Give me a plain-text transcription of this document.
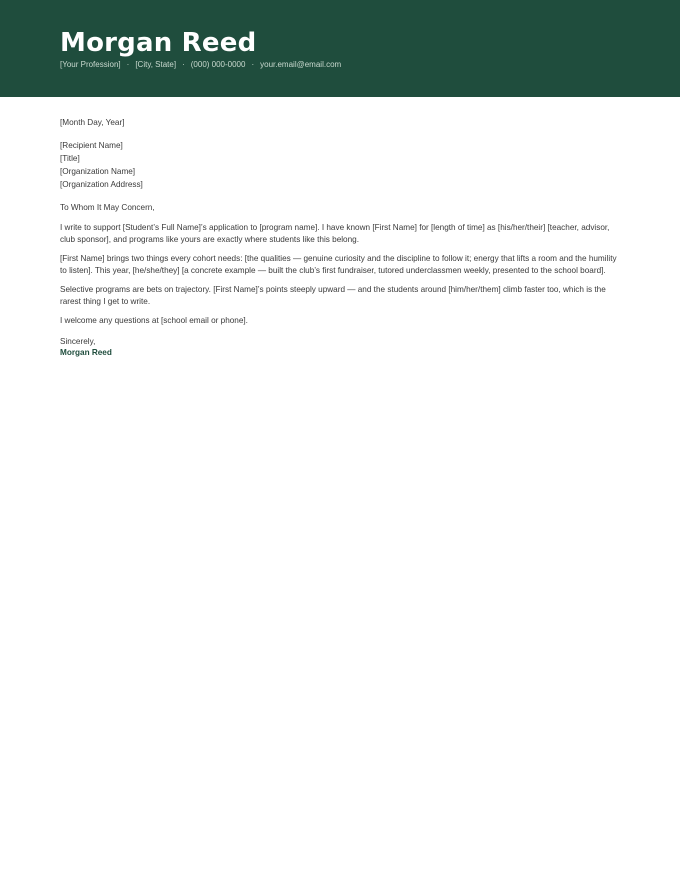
Morgan Reed
[Your Profession] · [City, State] · (000) 000-0000 · your.email@email.com

[Month Day, Year]

[Recipient Name]
[Title]
[Organization Name]
[Organization Address]

To Whom It May Concern,

I write to support [Student’s Full Name]’s application to [program name]. I have known [First Name] for [length of time] as [his/her/their] [teacher, advisor, club sponsor], and programs like yours are exactly where students like this belong.

[First Name] brings two things every cohort needs: [the qualities — genuine curiosity and the discipline to follow it; energy that lifts a room and the humility to listen]. This year, [he/she/they] [a concrete example — built the club’s first fundraiser, tutored underclassmen weekly, presented to the school board].

Selective programs are bets on trajectory. [First Name]’s points steeply upward — and the students around [him/her/them] climb faster too, which is the rarest thing I get to write.

I welcome any questions at [school email or phone].

Sincerely,

Morgan Reed
